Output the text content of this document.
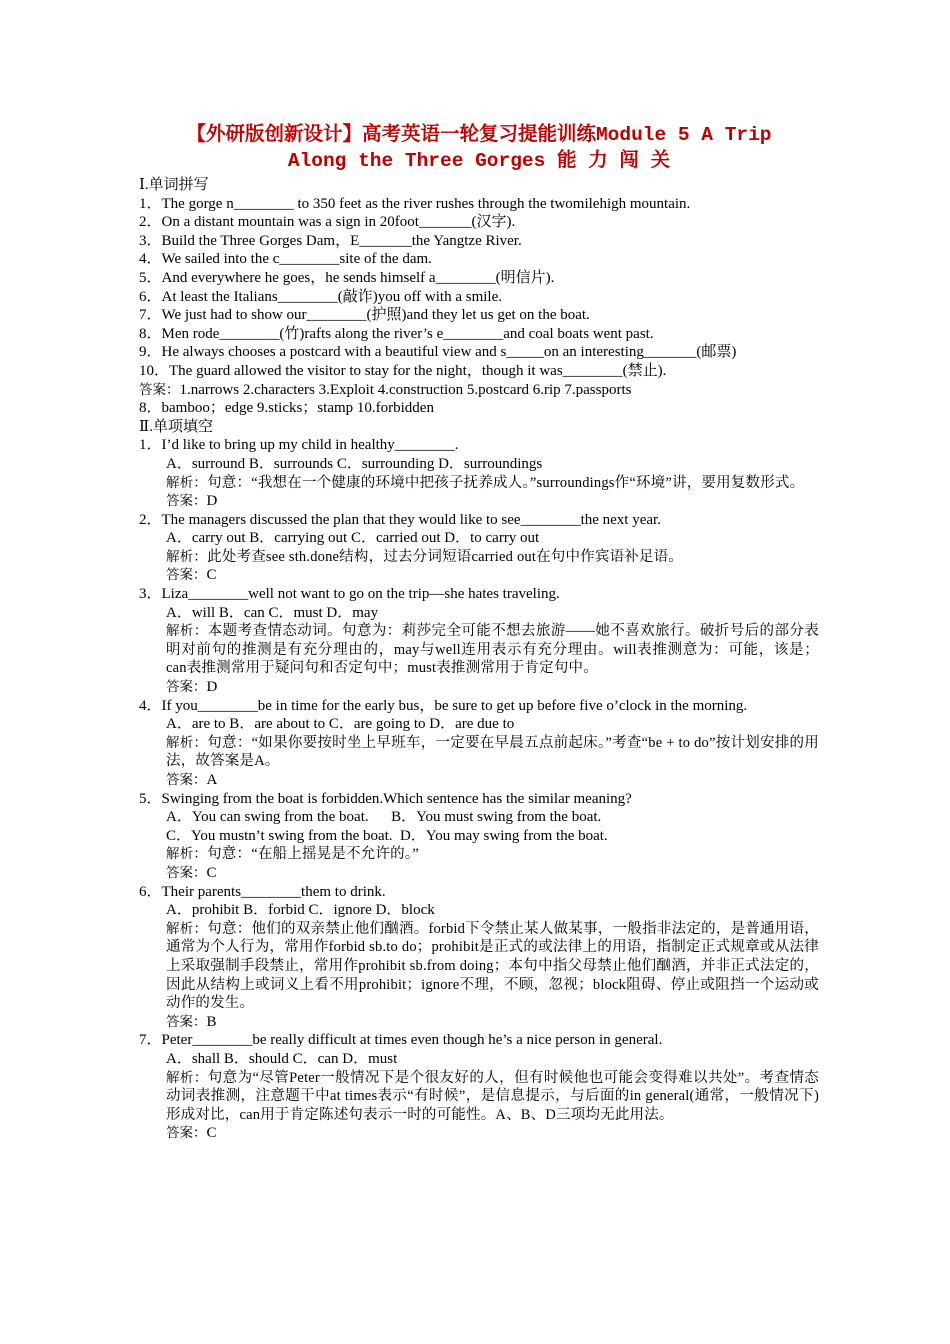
【外研版创新设计】高考英语一轮复习提能训练Module 5 A Trip
Along the Three Gorges 能 力 闯 关
Ⅰ.单词拼写
1．The gorge n________ to 350 feet as the river rushes through the twomilehigh mountain.
2．On a distant mountain was a sign in 20foot_______(汉字).
3．Build the Three Gorges Dam，E_______the Yangtze River.
4．We sailed into the c________site of the dam.
5．And everywhere he goes，he sends himself a________(明信片).
6．At least the Italians________(敲诈)you off with a smile.
7．We just had to show our________(护照)and they let us get on the boat.
8．Men rode________(竹)rafts along the river’s e________and coal boats went past.
9．He always chooses a postcard with a beautiful view and s_____on an interesting_______(邮票)
10．The guard allowed the visitor to stay for the night，though it was________(禁止).
答案：1.narrows 2.characters 3.Exploit 4.construction 5.postcard 6.rip 7.passports
8．bamboo；edge 9.sticks；stamp 10.forbidden
Ⅱ.单项填空
1．I’d like to bring up my child in healthy________.
A．surround B．surrounds C．surrounding D．surroundings
解析：句意：“我想在一个健康的环境中把孩子抚养成人。”surroundings作“环境”讲，要用复数形式。
答案：D
2．The managers discussed the plan that they would like to see________the next year.
A．carry out B．carrying out C．carried out D．to carry out
解析：此处考查see sth.done结构，过去分词短语carried out在句中作宾语补足语。
答案：C
3．Liza________well not want to go on the trip—she hates traveling.
A．will B．can C．must D．may
解析：本题考查情态动词。句意为：莉莎完全可能不想去旅游——她不喜欢旅行。破折号后的部分表明对前句的推测是有充分理由的，may与well连用表示有充分理由。will表推测意为：可能，该是；can表推测常用于疑问句和否定句中；must表推测常用于肯定句中。
答案：D
4．If you________be in time for the early bus，be sure to get up before five o’clock in the morning.
A．are to B．are about to C．are going to D．are due to
解析：句意：“如果你要按时坐上早班车，一定要在早晨五点前起床。”考查“be + to do”按计划安排的用法，故答案是A。
答案：A
5．Swinging from the boat is forbidden.Which sentence has the similar meaning?
A．You can swing from the boat.      B．You must swing from the boat.
C．You mustn’t swing from the boat.  D．You may swing from the boat.
解析：句意：“在船上摇晃是不允许的。”
答案：C
6．Their parents________them to drink.
A．prohibit B．forbid C．ignore D．block
解析：句意：他们的双亲禁止他们酗酒。forbid下令禁止某人做某事，一般指非法定的，是普通用语，通常为个人行为，常用作forbid sb.to do；prohibit是正式的或法律上的用语，指制定正式规章或从法律上采取强制手段禁止，常用作prohibit sb.from doing；本句中指父母禁止他们酗酒，并非正式法定的，因此从结构上或词义上看不用prohibit；ignore不理，不顾，忽视；block阻碍、停止或阻挡一个运动或动作的发生。
答案：B
7．Peter________be really difficult at times even though he’s a nice person in general.
A．shall B．should C．can D．must
解析：句意为“尽管Peter一般情况下是个很友好的人，但有时候他也可能会变得难以共处”。考查情态动词表推测，注意题干中at times表示“有时候”，是信息提示，与后面的in general(通常，一般情况下)形成对比，can用于肯定陈述句表示一时的可能性。A、B、D三项均无此用法。
答案：C
